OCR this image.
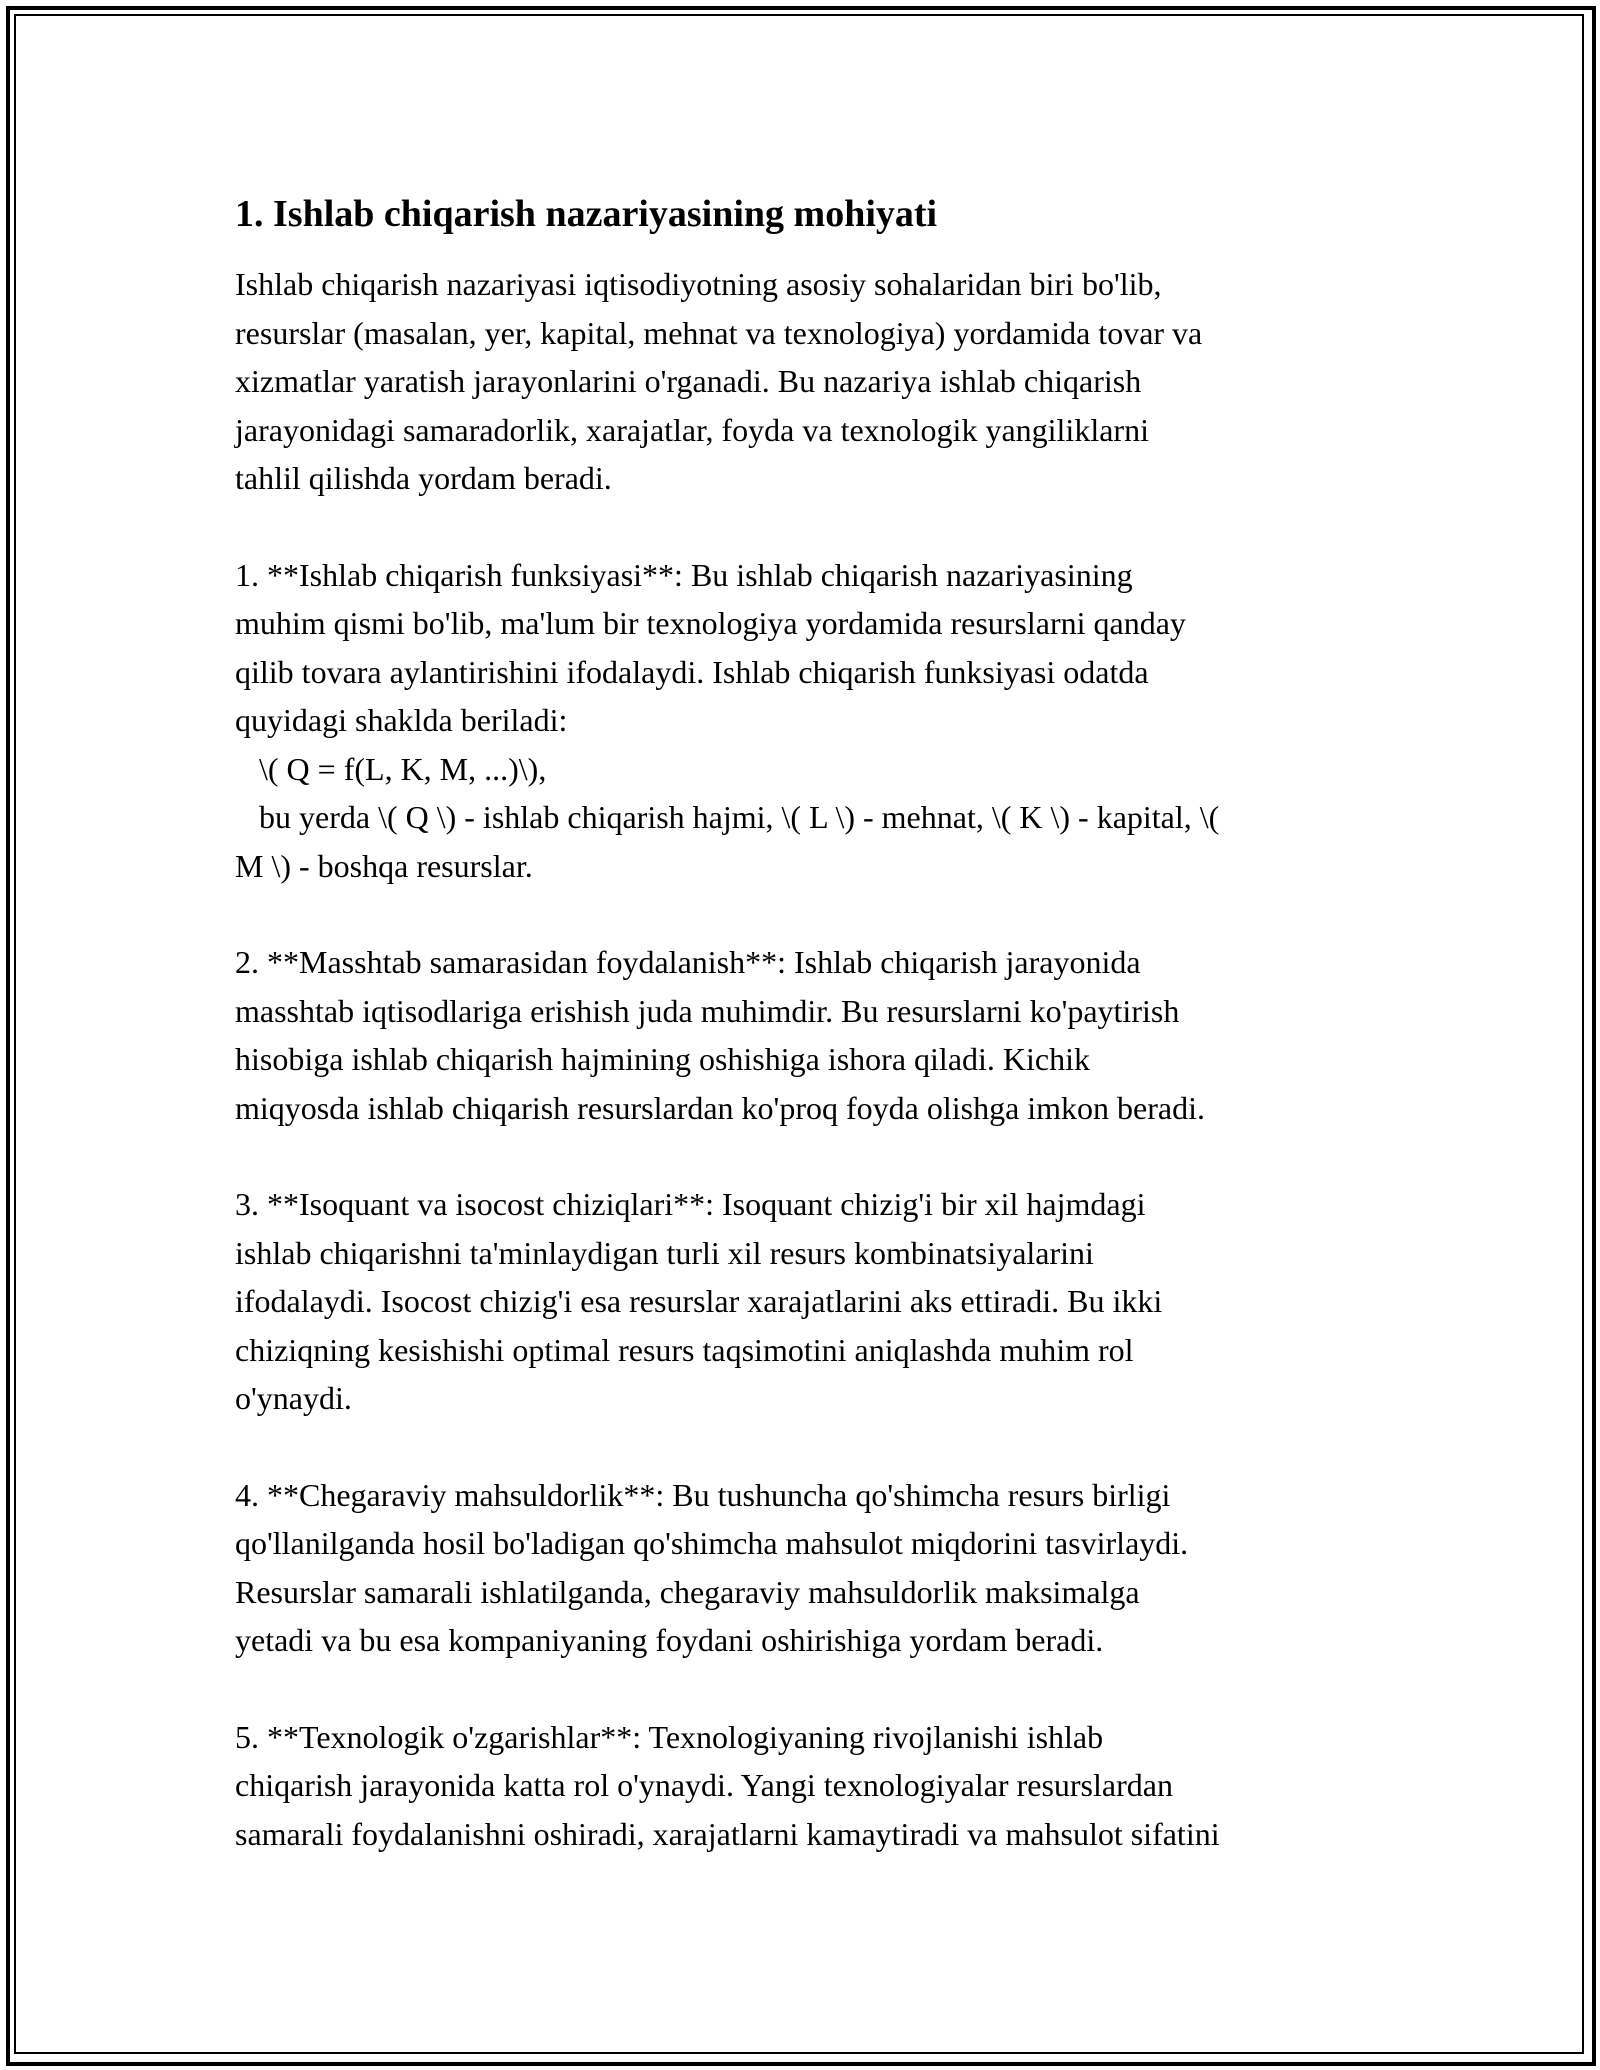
1. Ishlab chiqarish nazariyasining mohiyati

Ishlab chiqarish nazariyasi iqtisodiyotning asosiy sohalaridan biri bo'lib,
resurslar (masalan, yer, kapital, mehnat va texnologiya) yordamida tovar va
xizmatlar yaratish jarayonlarini o'rganadi. Bu nazariya ishlab chiqarish
jarayonidagi samaradorlik, xarajatlar, foyda va texnologik yangiliklarni
tahlil qilishda yordam beradi.

1. **Ishlab chiqarish funksiyasi**: Bu ishlab chiqarish nazariyasining
muhim qismi bo'lib, ma'lum bir texnologiya yordamida resurslarni qanday
qilib tovara aylantirishini ifodalaydi. Ishlab chiqarish funksiyasi odatda
quyidagi shaklda beriladi:
\( Q = f(L, K, M, ...)\),
bu yerda \( Q \) - ishlab chiqarish hajmi, \( L \) - mehnat, \( K \) - kapital, \(
M \) - boshqa resurslar.

2. **Masshtab samarasidan foydalanish**: Ishlab chiqarish jarayonida
masshtab iqtisodlariga erishish juda muhimdir. Bu resurslarni ko'paytirish
hisobiga ishlab chiqarish hajmining oshishiga ishora qiladi. Kichik
miqyosda ishlab chiqarish resurslardan ko'proq foyda olishga imkon beradi.

3. **Isoquant va isocost chiziqlari**: Isoquant chizig'i bir xil hajmdagi
ishlab chiqarishni ta'minlaydigan turli xil resurs kombinatsiyalarini
ifodalaydi. Isocost chizig'i esa resurslar xarajatlarini aks ettiradi. Bu ikki
chiziqning kesishishi optimal resurs taqsimotini aniqlashda muhim rol
o'ynaydi.

4. **Chegaraviy mahsuldorlik**: Bu tushuncha qo'shimcha resurs birligi
qo'llanilganda hosil bo'ladigan qo'shimcha mahsulot miqdorini tasvirlaydi.
Resurslar samarali ishlatilganda, chegaraviy mahsuldorlik maksimalga
yetadi va bu esa kompaniyaning foydani oshirishiga yordam beradi.

5. **Texnologik o'zgarishlar**: Texnologiyaning rivojlanishi ishlab
chiqarish jarayonida katta rol o'ynaydi. Yangi texnologiyalar resurslardan
samarali foydalanishni oshiradi, xarajatlarni kamaytiradi va mahsulot sifatini
